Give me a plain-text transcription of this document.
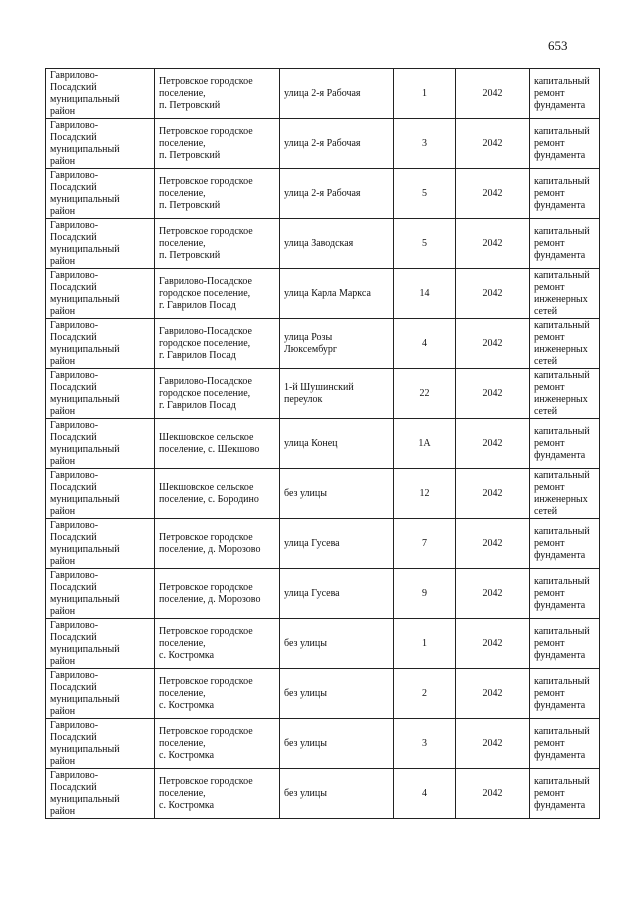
653
Гаврилово-
Посадский
муниципальный
район	Петровское городское
поселение,
п. Петровский	улица 2-я Рабочая	1	2042	капитальный
ремонт
фундамента
Гаврилово-
Посадский
муниципальный
район	Петровское городское
поселение,
п. Петровский	улица 2-я Рабочая	3	2042	капитальный
ремонт
фундамента
Гаврилово-
Посадский
муниципальный
район	Петровское городское
поселение,
п. Петровский	улица 2-я Рабочая	5	2042	капитальный
ремонт
фундамента
Гаврилово-
Посадский
муниципальный
район	Петровское городское
поселение,
п. Петровский	улица Заводская	5	2042	капитальный
ремонт
фундамента
Гаврилово-
Посадский
муниципальный
район	Гаврилово-Посадское
городское поселение,
г. Гаврилов Посад	улица Карла Маркса	14	2042	капитальный
ремонт
инженерных
сетей
Гаврилово-
Посадский
муниципальный
район	Гаврилово-Посадское
городское поселение,
г. Гаврилов Посад	улица Розы
Люксембург	4	2042	капитальный
ремонт
инженерных
сетей
Гаврилово-
Посадский
муниципальный
район	Гаврилово-Посадское
городское поселение,
г. Гаврилов Посад	1-й Шушинский
переулок	22	2042	капитальный
ремонт
инженерных
сетей
Гаврилово-
Посадский
муниципальный
район	Шекшовское сельское
поселение, с. Шекшово	улица Конец	1А	2042	капитальный
ремонт
фундамента
Гаврилово-
Посадский
муниципальный
район	Шекшовское сельское
поселение, с. Бородино	без улицы	12	2042	капитальный
ремонт
инженерных
сетей
Гаврилово-
Посадский
муниципальный
район	Петровское городское
поселение, д. Морозово	улица Гусева	7	2042	капитальный
ремонт
фундамента
Гаврилово-
Посадский
муниципальный
район	Петровское городское
поселение, д. Морозово	улица Гусева	9	2042	капитальный
ремонт
фундамента
Гаврилово-
Посадский
муниципальный
район	Петровское городское
поселение,
с. Костромка	без улицы	1	2042	капитальный
ремонт
фундамента
Гаврилово-
Посадский
муниципальный
район	Петровское городское
поселение,
с. Костромка	без улицы	2	2042	капитальный
ремонт
фундамента
Гаврилово-
Посадский
муниципальный
район	Петровское городское
поселение,
с. Костромка	без улицы	3	2042	капитальный
ремонт
фундамента
Гаврилово-
Посадский
муниципальный
район	Петровское городское
поселение,
с. Костромка	без улицы	4	2042	капитальный
ремонт
фундамента
